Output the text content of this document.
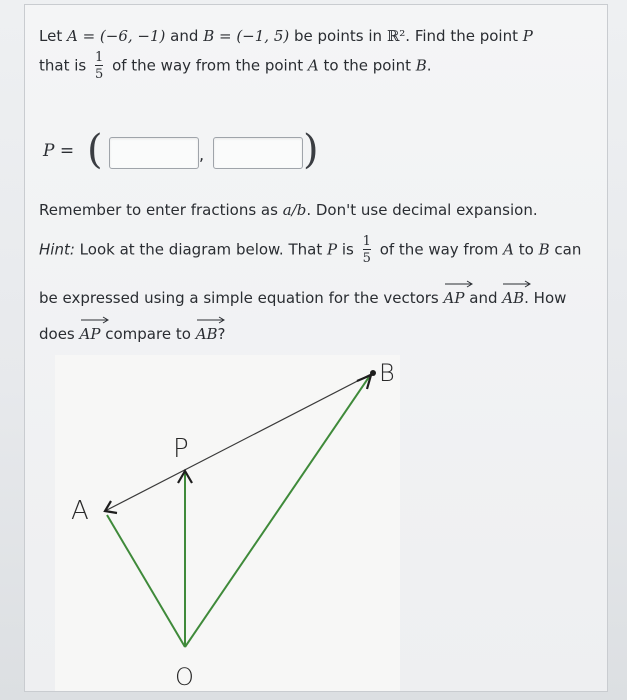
Let A = (−6, −1) and B = (−1, 5) be points in ℝ². Find the point P
that is $\frac{1}{5}$ of the way from the point A to the point B.
P = (	, )
Remember to enter fractions as a/b. Don't use decimal expansion.
Hint: Look at the diagram below. That P is $\frac{1}{5}$ of the way from A to B can
be expressed using a simple equation for the vectors AP and AB. How
does AP compare to AB?
A
B
P
O
